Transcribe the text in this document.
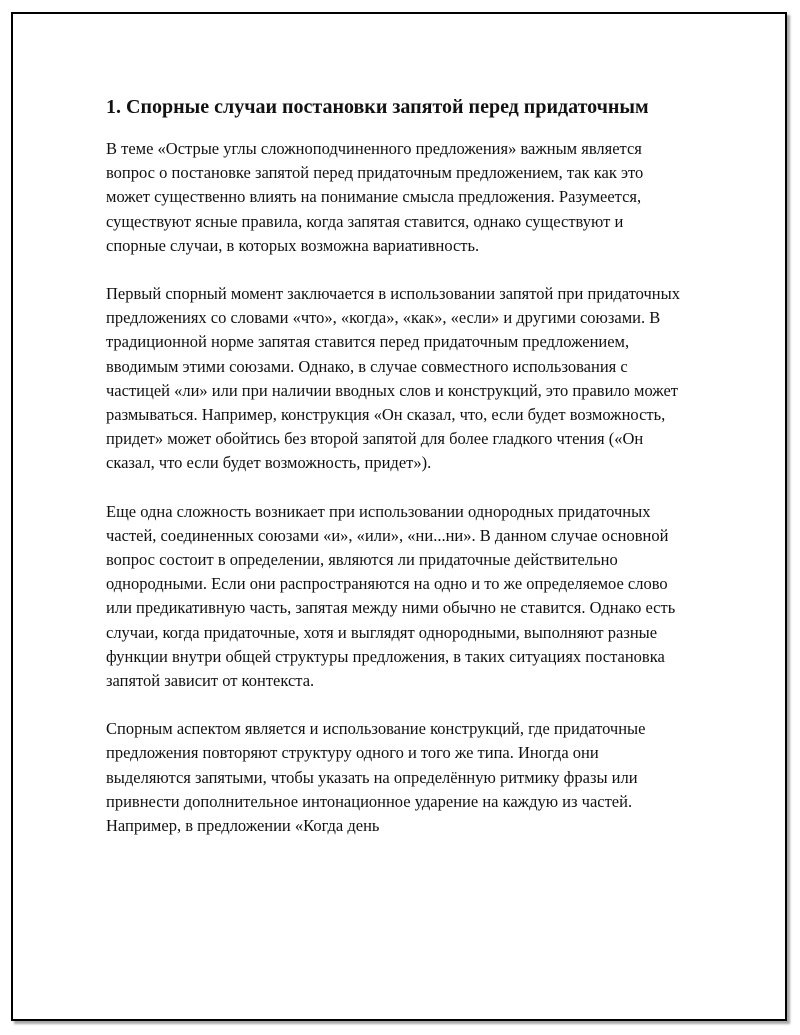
1. Спорные случаи постановки запятой перед придаточным

В теме «Острые углы сложноподчиненного предложения» важным является вопрос о постановке запятой перед придаточным предложением, так как это может существенно влиять на понимание смысла предложения. Разумеется, существуют ясные правила, когда запятая ставится, однако существуют и спорные случаи, в которых возможна вариативность.

Первый спорный момент заключается в использовании запятой при придаточных предложениях со словами «что», «когда», «как», «если» и другими союзами. В традиционной норме запятая ставится перед придаточным предложением, вводимым этими союзами. Однако, в случае совместного использования с частицей «ли» или при наличии вводных слов и конструкций, это правило может размываться. Например, конструкция «Он сказал, что, если будет возможность, придет» может обойтись без второй запятой для более гладкого чтения («Он сказал, что если будет возможность, придет»).

Еще одна сложность возникает при использовании однородных придаточных частей, соединенных союзами «и», «или», «ни...ни». В данном случае основной вопрос состоит в определении, являются ли придаточные действительно однородными. Если они распространяются на одно и то же определяемое слово или предикативную часть, запятая между ними обычно не ставится. Однако есть случаи, когда придаточные, хотя и выглядят однородными, выполняют разные функции внутри общей структуры предложения, в таких ситуациях постановка запятой зависит от контекста.

Спорным аспектом является и использование конструкций, где придаточные предложения повторяют структуру одного и того же типа. Иногда они выделяются запятыми, чтобы указать на определённую ритмику фразы или привнести дополнительное интонационное ударение на каждую из частей. Например, в предложении «Когда день
